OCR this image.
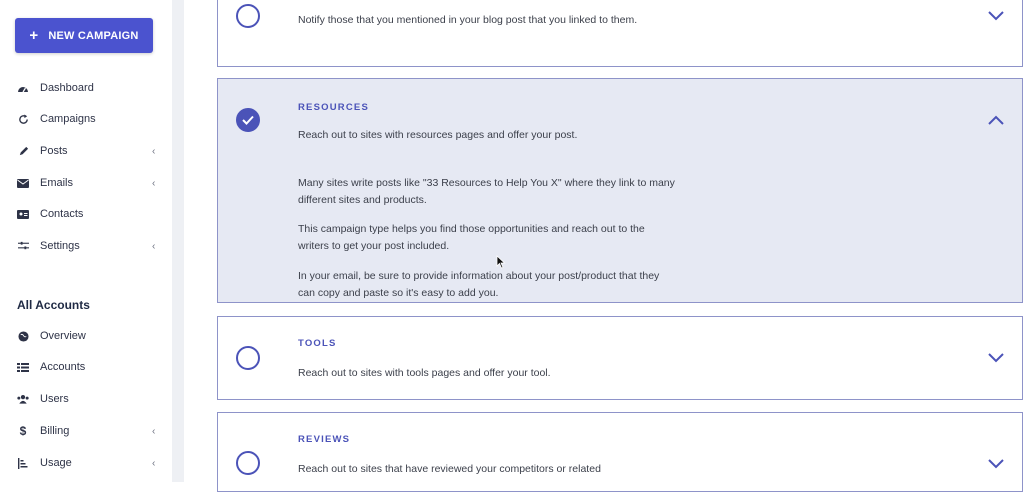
+ NEW CAMPAIGN
Dashboard
Campaigns
Posts	‹
Emails	‹
Contacts
Settings	‹
All Accounts
Overview
Accounts
Users
$ Billing	‹
Usage	‹
Notify those that you mentioned in your blog post that you linked to them.
RESOURCES
Reach out to sites with resources pages and offer your post.
Many sites write posts like "33 Resources to Help You X" where they link to many different sites and products.
This campaign type helps you find those opportunities and reach out to the writers to get your post included.
In your email, be sure to provide information about your post/product that they can copy and paste so it's easy to add you.
TOOLS
Reach out to sites with tools pages and offer your tool.
REVIEWS
Reach out to sites that have reviewed your competitors or related
